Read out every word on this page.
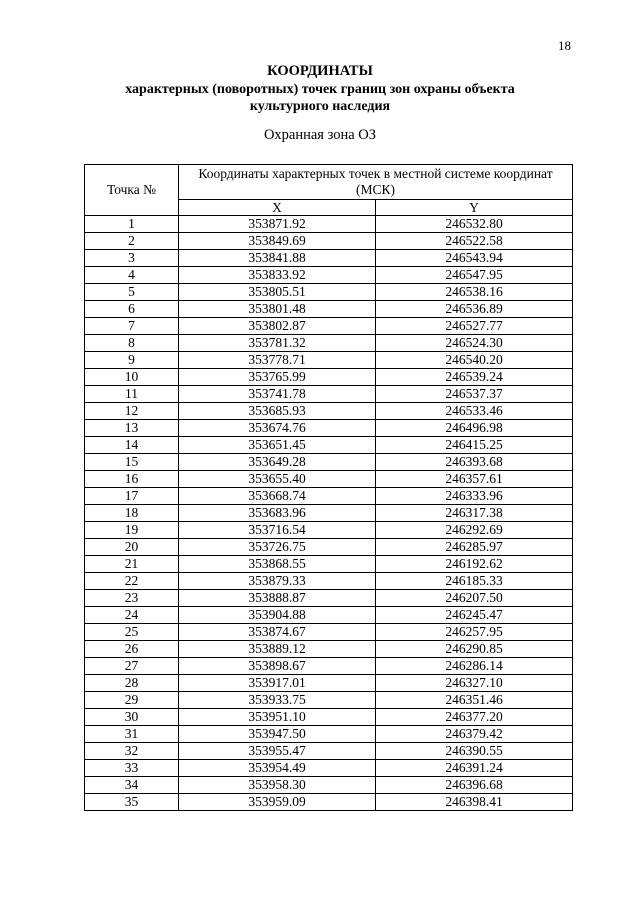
18
КООРДИНАТЫ
характерных (поворотных) точек границ зон охраны объекта культурного наследия
Охранная зона ОЗ
Точка №	Координаты характерных точек в местной системе координат (МСК)	
	X	Y
1	353871.92	246532.80
2	353849.69	246522.58
3	353841.88	246543.94
4	353833.92	246547.95
5	353805.51	246538.16
6	353801.48	246536.89
7	353802.87	246527.77
8	353781.32	246524.30
9	353778.71	246540.20
10	353765.99	246539.24
11	353741.78	246537.37
12	353685.93	246533.46
13	353674.76	246496.98
14	353651.45	246415.25
15	353649.28	246393.68
16	353655.40	246357.61
17	353668.74	246333.96
18	353683.96	246317.38
19	353716.54	246292.69
20	353726.75	246285.97
21	353868.55	246192.62
22	353879.33	246185.33
23	353888.87	246207.50
24	353904.88	246245.47
25	353874.67	246257.95
26	353889.12	246290.85
27	353898.67	246286.14
28	353917.01	246327.10
29	353933.75	246351.46
30	353951.10	246377.20
31	353947.50	246379.42
32	353955.47	246390.55
33	353954.49	246391.24
34	353958.30	246396.68
35	353959.09	246398.41
